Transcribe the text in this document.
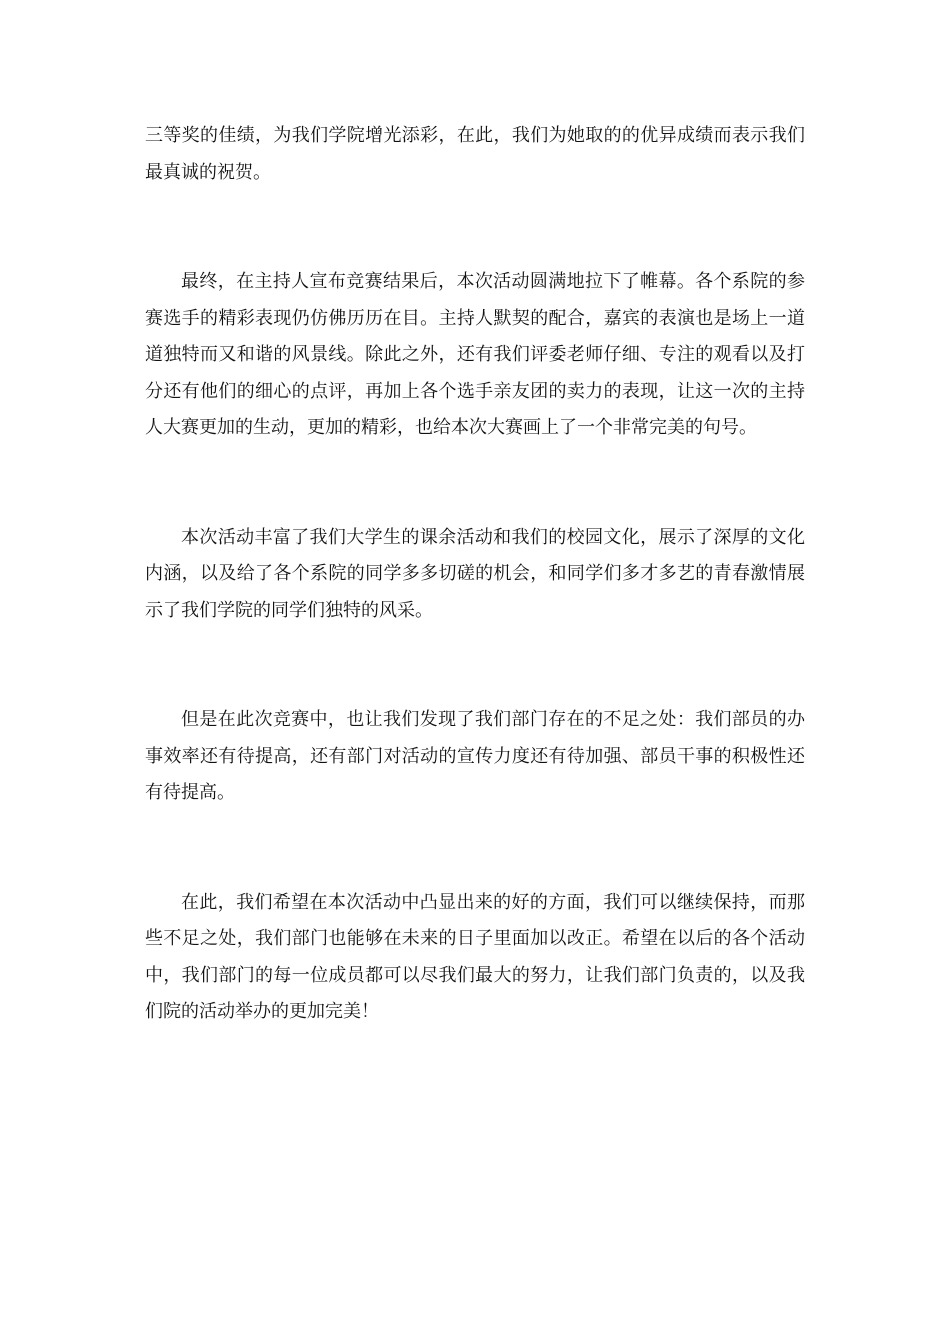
三等奖的佳绩，为我们学院增光添彩，在此，我们为她取的的优异成绩而表示我们最真诚的祝贺。

最终，在主持人宣布竞赛结果后，本次活动圆满地拉下了帷幕。各个系院的参赛选手的精彩表现仍仿佛历历在目。主持人默契的配合，嘉宾的表演也是场上一道道独特而又和谐的风景线。除此之外，还有我们评委老师仔细、专注的观看以及打分还有他们的细心的点评，再加上各个选手亲友团的卖力的表现，让这一次的主持人大赛更加的生动，更加的精彩，也给本次大赛画上了一个非常完美的句号。

本次活动丰富了我们大学生的课余活动和我们的校园文化，展示了深厚的文化内涵，以及给了各个系院的同学多多切磋的机会，和同学们多才多艺的青春激情展示了我们学院的同学们独特的风采。

但是在此次竞赛中，也让我们发现了我们部门存在的不足之处：我们部员的办事效率还有待提高，还有部门对活动的宣传力度还有待加强、部员干事的积极性还有待提高。

在此，我们希望在本次活动中凸显出来的好的方面，我们可以继续保持，而那些不足之处，我们部门也能够在未来的日子里面加以改正。希望在以后的各个活动中，我们部门的每一位成员都可以尽我们最大的努力，让我们部门负责的，以及我们院的活动举办的更加完美！
